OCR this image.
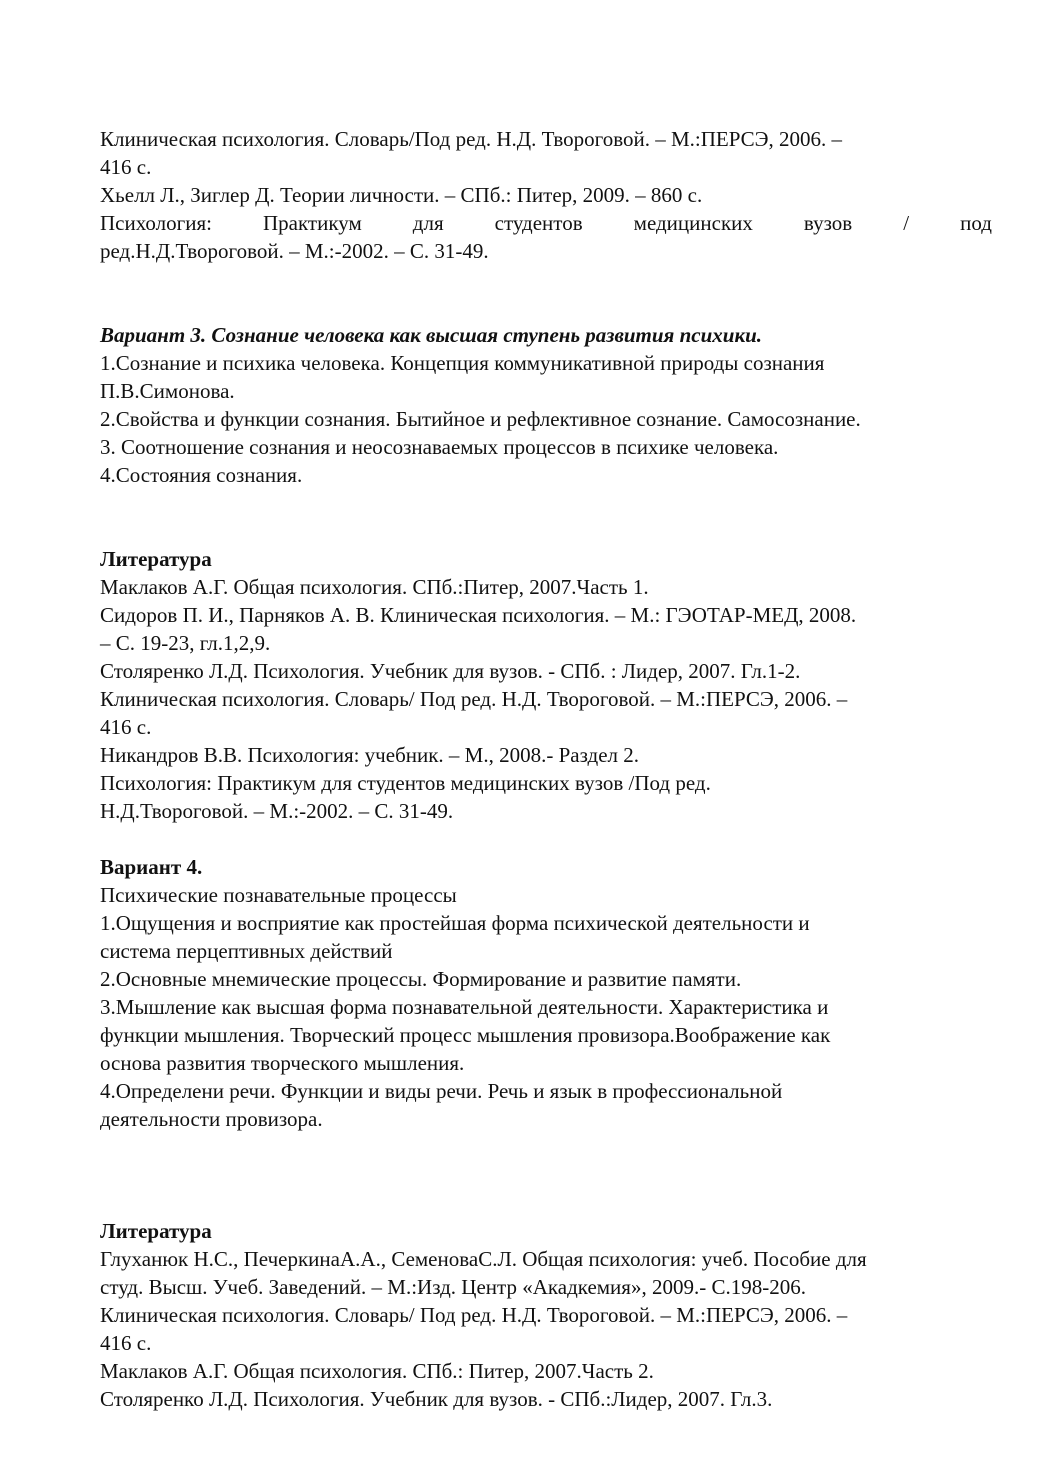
Клиническая психология. Словарь/Под ред. Н.Д. Твороговой. – М.:ПЕРСЭ, 2006. –
416 с.
Хьелл Л., Зиглер Д. Теории личности. – СПб.: Питер, 2009. – 860 с.
Психология: Практикум для студентов медицинских вузов / под
ред.Н.Д.Твороговой. – М.:-2002. – С. 31-49.
Вариант 3. Сознание человека как высшая ступень развития психики.
1.Сознание и психика человека. Концепция коммуникативной природы сознания
П.В.Симонова.
2.Свойства и функции сознания. Бытийное и рефлективное сознание. Самосознание.
3. Соотношение сознания и неосознаваемых процессов в психике человека.
4.Состояния сознания.
Литература
Маклаков А.Г. Общая психология. СПб.:Питер, 2007.Часть 1.
Сидоров П. И., Парняков А. В. Клиническая психология. – М.: ГЭОТАР-МЕД, 2008.
– С. 19-23, гл.1,2,9.
Столяренко Л.Д. Психология. Учебник для вузов. - СПб. : Лидер, 2007. Гл.1-2.
Клиническая психология. Словарь/ Под ред. Н.Д. Твороговой. – М.:ПЕРСЭ, 2006. –
416 с.
Никандров В.В. Психология: учебник. – М., 2008.- Раздел 2.
Психология: Практикум для студентов медицинских вузов /Под ред.
Н.Д.Твороговой. – М.:-2002. – С. 31-49.
Вариант 4.
Психические познавательные процессы
1.Ощущения и восприятие как простейшая форма психической деятельности и
система перцептивных действий
2.Основные мнемические процессы. Формирование и развитие памяти.
3.Мышление как высшая форма познавательной деятельности. Характеристика и
функции мышления. Творческий процесс мышления провизора.Воображение как
основа развития творческого мышления.
4.Определени речи. Функции и виды речи. Речь и язык в профессиональной
деятельности провизора.
Литература
Глуханюк Н.С., ПечеркинаА.А., СеменоваС.Л. Общая психология: учеб. Пособие для
студ. Высш. Учеб. Заведений. – М.:Изд. Центр «Акадкемия», 2009.- С.198-206.
Клиническая психология. Словарь/ Под ред. Н.Д. Твороговой. – М.:ПЕРСЭ, 2006. –
416 с.
Маклаков А.Г. Общая психология. СПб.: Питер, 2007.Часть 2.
Столяренко Л.Д. Психология. Учебник для вузов. - СПб.:Лидер, 2007. Гл.3.
